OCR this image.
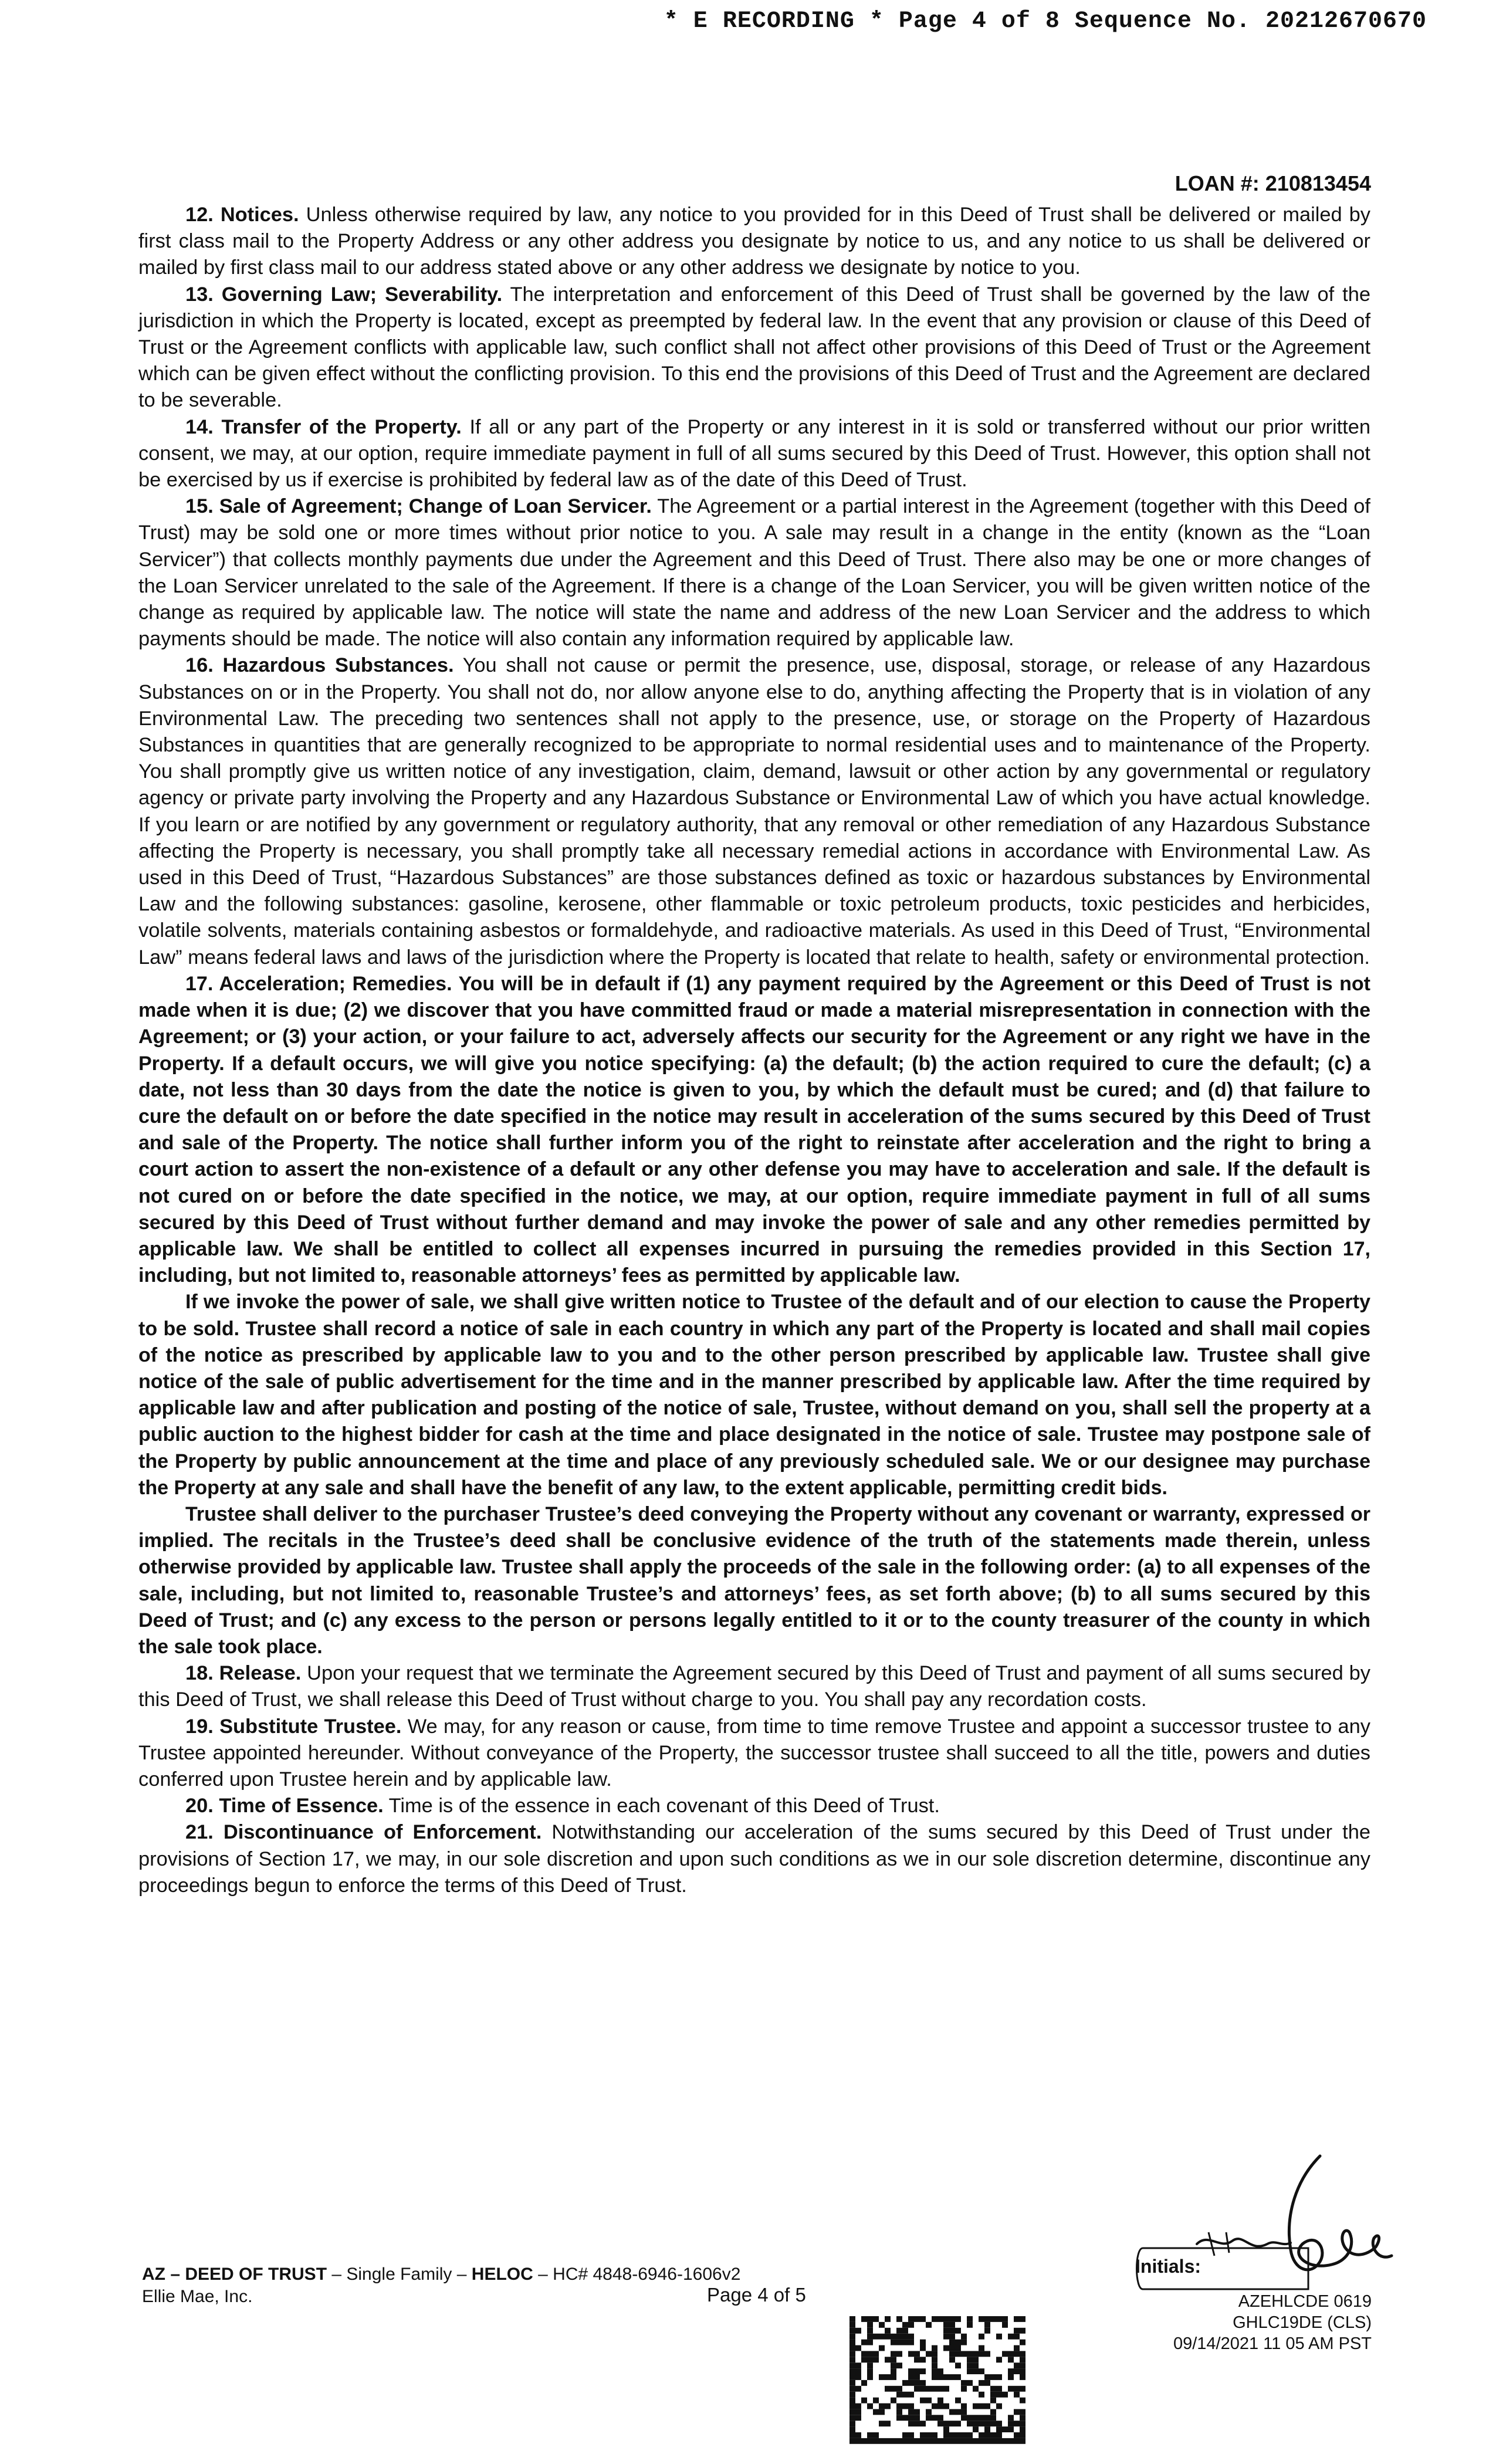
* E RECORDING * Page 4 of 8 Sequence No. 20212670670
LOAN #: 210813454

12. Notices. Unless otherwise required by law, any notice to you provided for in this Deed of Trust shall be delivered or mailed by first class mail to the Property Address or any other address you designate by notice to us, and any notice to us shall be delivered or mailed by first class mail to our address stated above or any other address we designate by notice to you.

13. Governing Law; Severability. The interpretation and enforcement of this Deed of Trust shall be governed by the law of the jurisdiction in which the Property is located, except as preempted by federal law. In the event that any provision or clause of this Deed of Trust or the Agreement conflicts with applicable law, such conflict shall not affect other provisions of this Deed of Trust or the Agreement which can be given effect without the conflicting provision. To this end the provisions of this Deed of Trust and the Agreement are declared to be severable.

14. Transfer of the Property. If all or any part of the Property or any interest in it is sold or transferred without our prior written consent, we may, at our option, require immediate payment in full of all sums secured by this Deed of Trust. However, this option shall not be exercised by us if exercise is prohibited by federal law as of the date of this Deed of Trust.

15. Sale of Agreement; Change of Loan Servicer. The Agreement or a partial interest in the Agreement (together with this Deed of Trust) may be sold one or more times without prior notice to you. A sale may result in a change in the entity (known as the “Loan Servicer”) that collects monthly payments due under the Agreement and this Deed of Trust. There also may be one or more changes of the Loan Servicer unrelated to the sale of the Agreement. If there is a change of the Loan Servicer, you will be given written notice of the change as required by applicable law. The notice will state the name and address of the new Loan Servicer and the address to which payments should be made. The notice will also contain any information required by applicable law.

16. Hazardous Substances. You shall not cause or permit the presence, use, disposal, storage, or release of any Hazardous Substances on or in the Property. You shall not do, nor allow anyone else to do, anything affecting the Property that is in violation of any Environmental Law. The preceding two sentences shall not apply to the presence, use, or storage on the Property of Hazardous Substances in quantities that are generally recognized to be appropriate to normal residential uses and to maintenance of the Property. You shall promptly give us written notice of any investigation, claim, demand, lawsuit or other action by any governmental or regulatory agency or private party involving the Property and any Hazardous Substance or Environmental Law of which you have actual knowledge. If you learn or are notified by any government or regulatory authority, that any removal or other remediation of any Hazardous Substance affecting the Property is necessary, you shall promptly take all necessary remedial actions in accordance with Environmental Law. As used in this Deed of Trust, “Hazardous Substances” are those substances defined as toxic or hazardous substances by Environmental Law and the following substances: gasoline, kerosene, other flammable or toxic petroleum products, toxic pesticides and herbicides, volatile solvents, materials containing asbestos or formaldehyde, and radioactive materials. As used in this Deed of Trust, “Environmental Law” means federal laws and laws of the jurisdiction where the Property is located that relate to health, safety or environmental protection.

17. Acceleration; Remedies. You will be in default if (1) any payment required by the Agreement or this Deed of Trust is not made when it is due; (2) we discover that you have committed fraud or made a material misrepresentation in connection with the Agreement; or (3) your action, or your failure to act, adversely affects our security for the Agreement or any right we have in the Property. If a default occurs, we will give you notice specifying: (a) the default; (b) the action required to cure the default; (c) a date, not less than 30 days from the date the notice is given to you, by which the default must be cured; and (d) that failure to cure the default on or before the date specified in the notice may result in acceleration of the sums secured by this Deed of Trust and sale of the Property. The notice shall further inform you of the right to reinstate after acceleration and the right to bring a court action to assert the non-existence of a default or any other defense you may have to acceleration and sale. If the default is not cured on or before the date specified in the notice, we may, at our option, require immediate payment in full of all sums secured by this Deed of Trust without further demand and may invoke the power of sale and any other remedies permitted by applicable law. We shall be entitled to collect all expenses incurred in pursuing the remedies provided in this Section 17, including, but not limited to, reasonable attorneys’ fees as permitted by applicable law.

If we invoke the power of sale, we shall give written notice to Trustee of the default and of our election to cause the Property to be sold. Trustee shall record a notice of sale in each country in which any part of the Property is located and shall mail copies of the notice as prescribed by applicable law to you and to the other person prescribed by applicable law. Trustee shall give notice of the sale of public advertisement for the time and in the manner prescribed by applicable law. After the time required by applicable law and after publication and posting of the notice of sale, Trustee, without demand on you, shall sell the property at a public auction to the highest bidder for cash at the time and place designated in the notice of sale. Trustee may postpone sale of the Property by public announcement at the time and place of any previously scheduled sale. We or our designee may purchase the Property at any sale and shall have the benefit of any law, to the extent applicable, permitting credit bids.

Trustee shall deliver to the purchaser Trustee’s deed conveying the Property without any covenant or warranty, expressed or implied. The recitals in the Trustee’s deed shall be conclusive evidence of the truth of the statements made therein, unless otherwise provided by applicable law. Trustee shall apply the proceeds of the sale in the following order: (a) to all expenses of the sale, including, but not limited to, reasonable Trustee’s and attorneys’ fees, as set forth above; (b) to all sums secured by this Deed of Trust; and (c) any excess to the person or persons legally entitled to it or to the county treasurer of the county in which the sale took place.

18. Release. Upon your request that we terminate the Agreement secured by this Deed of Trust and payment of all sums secured by this Deed of Trust, we shall release this Deed of Trust without charge to you. You shall pay any recordation costs.

19. Substitute Trustee. We may, for any reason or cause, from time to time remove Trustee and appoint a successor trustee to any Trustee appointed hereunder. Without conveyance of the Property, the successor trustee shall succeed to all the title, powers and duties conferred upon Trustee herein and by applicable law.

20. Time of Essence. Time is of the essence in each covenant of this Deed of Trust.

21. Discontinuance of Enforcement. Notwithstanding our acceleration of the sums secured by this Deed of Trust under the provisions of Section 17, we may, in our sole discretion and upon such conditions as we in our sole discretion determine, discontinue any proceedings begun to enforce the terms of this Deed of Trust.

Initials:
AZ – DEED OF TRUST – Single Family – HELOC – HC# 4848-6946-1606v2
Ellie Mae, Inc.	Page 4 of 5	AZEHLCDE 0619
GHLC19DE (CLS)
09/14/2021 11 05 AM PST
